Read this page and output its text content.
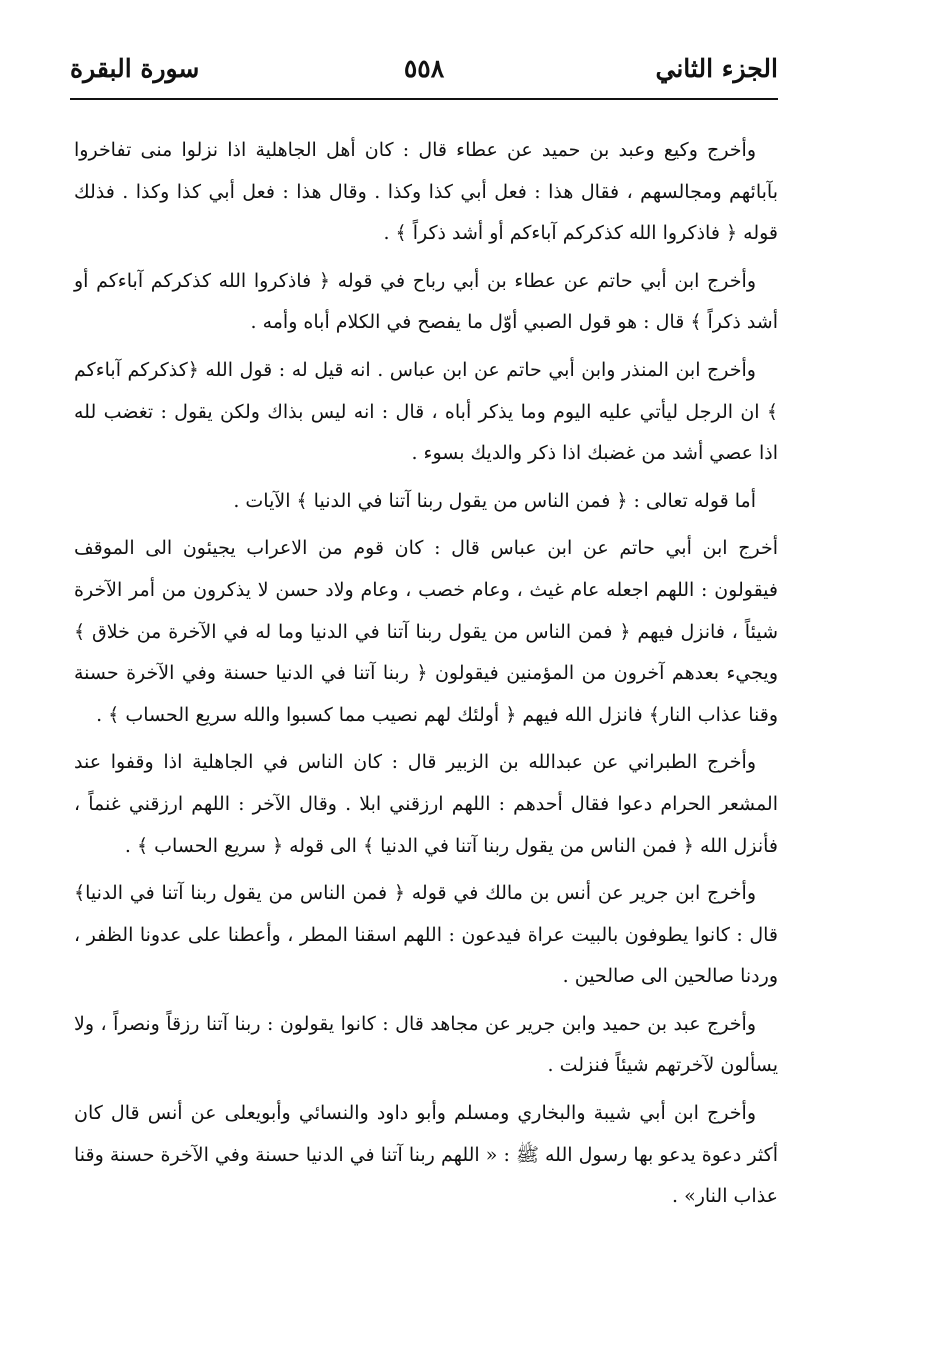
الجزء الثاني
٥٥٨
سورة البقرة

وأخرج وكيع وعبد بن حميد عن عطاء قال : كان أهل الجاهلية اذا نزلوا منى تفاخروا بآبائهم ومجالسهم ، فقال هذا : فعل أبي كذا وكذا . وقال هذا : فعل أبي كذا وكذا . فذلك قوله ﴿ فاذكروا الله كذكركم آباءكم أو أشد ذكراً ﴾ .

وأخرج ابن أبي حاتم عن عطاء بن أبي رباح في قوله ﴿ فاذكروا الله كذكركم آباءكم أو أشد ذكراً ﴾ قال : هو قول الصبي أوّل ما يفصح في الكلام أباه وأمه .

وأخرج ابن المنذر وابن أبي حاتم عن ابن عباس . انه قيل له : قول الله ﴿كذكركم آباءكم ﴾ ان الرجل ليأتي عليه اليوم وما يذكر أباه ، قال : انه ليس بذاك ولكن يقول : تغضب لله اذا عصي أشد من غضبك اذا ذكر والديك بسوء .

أما قوله تعالى : ﴿ فمن الناس من يقول ربنا آتنا في الدنيا ﴾ الآيات .

أخرج ابن أبي حاتم عن ابن عباس قال : كان قوم من الاعراب يجيئون الى الموقف فيقولون : اللهم اجعله عام غيث ، وعام خصب ، وعام ولاد حسن لا يذكرون من أمر الآخرة شيئاً ، فانزل فيهم ﴿ فمن الناس من يقول ربنا آتنا في الدنيا وما له في الآخرة من خلاق ﴾ ويجيء بعدهم آخرون من المؤمنين فيقولون ﴿ ربنا آتنا في الدنيا حسنة وفي الآخرة حسنة وقنا عذاب النار﴾ فانزل الله فيهم ﴿ أولئك لهم نصيب مما كسبوا والله سريع الحساب ﴾ .

وأخرج الطبراني عن عبدالله بن الزبير قال : كان الناس في الجاهلية اذا وقفوا عند المشعر الحرام دعوا فقال أحدهم : اللهم ارزقني ابلا . وقال الآخر : اللهم ارزقني غنماً ، فأنزل الله ﴿ فمن الناس من يقول ربنا آتنا في الدنيا ﴾ الى قوله ﴿ سريع الحساب ﴾ .

وأخرج ابن جرير عن أنس بن مالك في قوله ﴿ فمن الناس من يقول ربنا آتنا في الدنيا﴾ قال : كانوا يطوفون بالبيت عراة فيدعون : اللهم اسقنا المطر ، وأعطنا على عدونا الظفر ، وردنا صالحين الى صالحين .

وأخرج عبد بن حميد وابن جرير عن مجاهد قال : كانوا يقولون : ربنا آتنا رزقاً ونصراً ، ولا يسألون لآخرتهم شيئاً فنزلت .

وأخرج ابن أبي شيبة والبخاري ومسلم وأبو داود والنسائي وأبويعلى عن أنس قال كان أكثر دعوة يدعو بها رسول الله ﷺ : « اللهم ربنا آتنا في الدنيا حسنة وفي الآخرة حسنة وقنا عذاب النار» .
